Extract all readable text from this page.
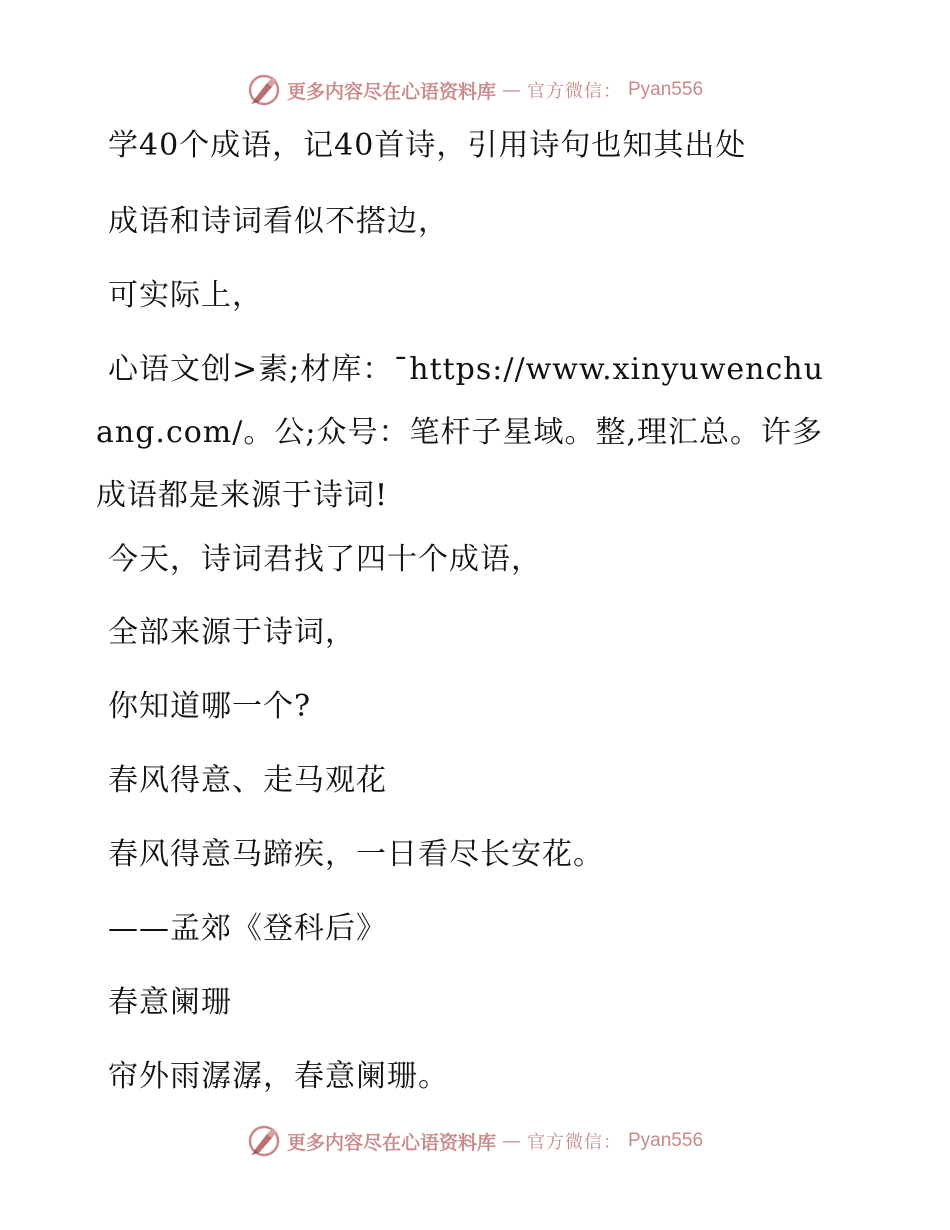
更多内容尽在心语资料库 — 官方微信： Pyan556
学40个成语，记40首诗，引用诗句也知其出处
成语和诗词看似不搭边，
可实际上，
心语文创>素;材库：¯https://www.xinyuwenchuang.com/。公;众号：笔杆子星域。整,理汇总。许多成语都是来源于诗词!
今天，诗词君找了四十个成语，
全部来源于诗词，
你知道哪一个?
春风得意、走马观花
春风得意马蹄疾，一日看尽长安花。
——孟郊《登科后》
春意阑珊
帘外雨潺潺，春意阑珊。
更多内容尽在心语资料库 — 官方微信： Pyan556
